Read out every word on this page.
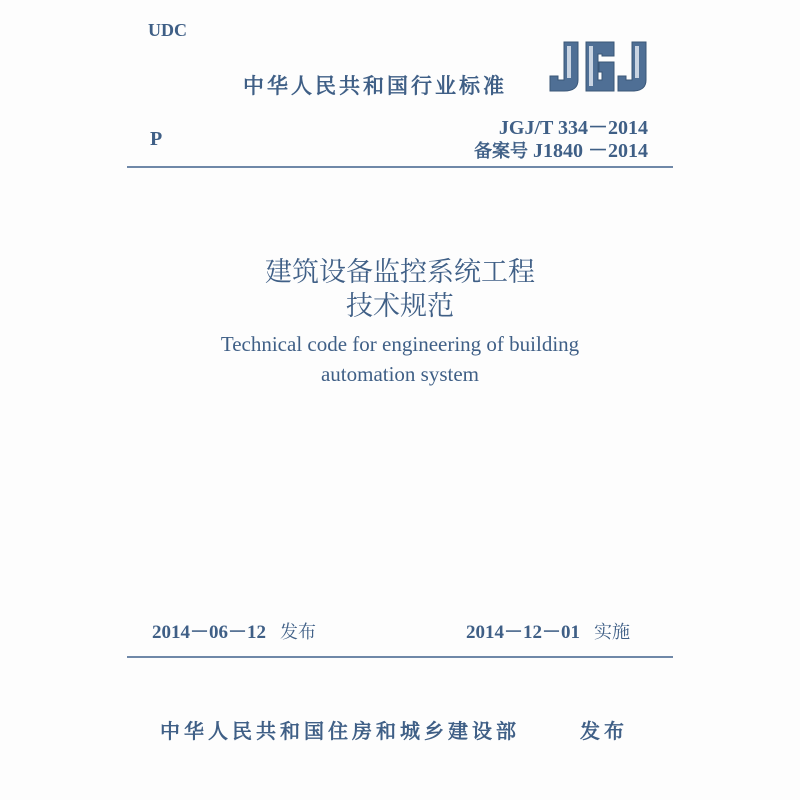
UDC
中华人民共和国行业标准
P	JGJ/T 334－2014
备案号 J1840 －2014
建筑设备监控系统工程
技术规范
Technical code for engineering of building
automation system
2014－06－12 发布	2014－12－01 实施
中华人民共和国住房和城乡建设部	发布
